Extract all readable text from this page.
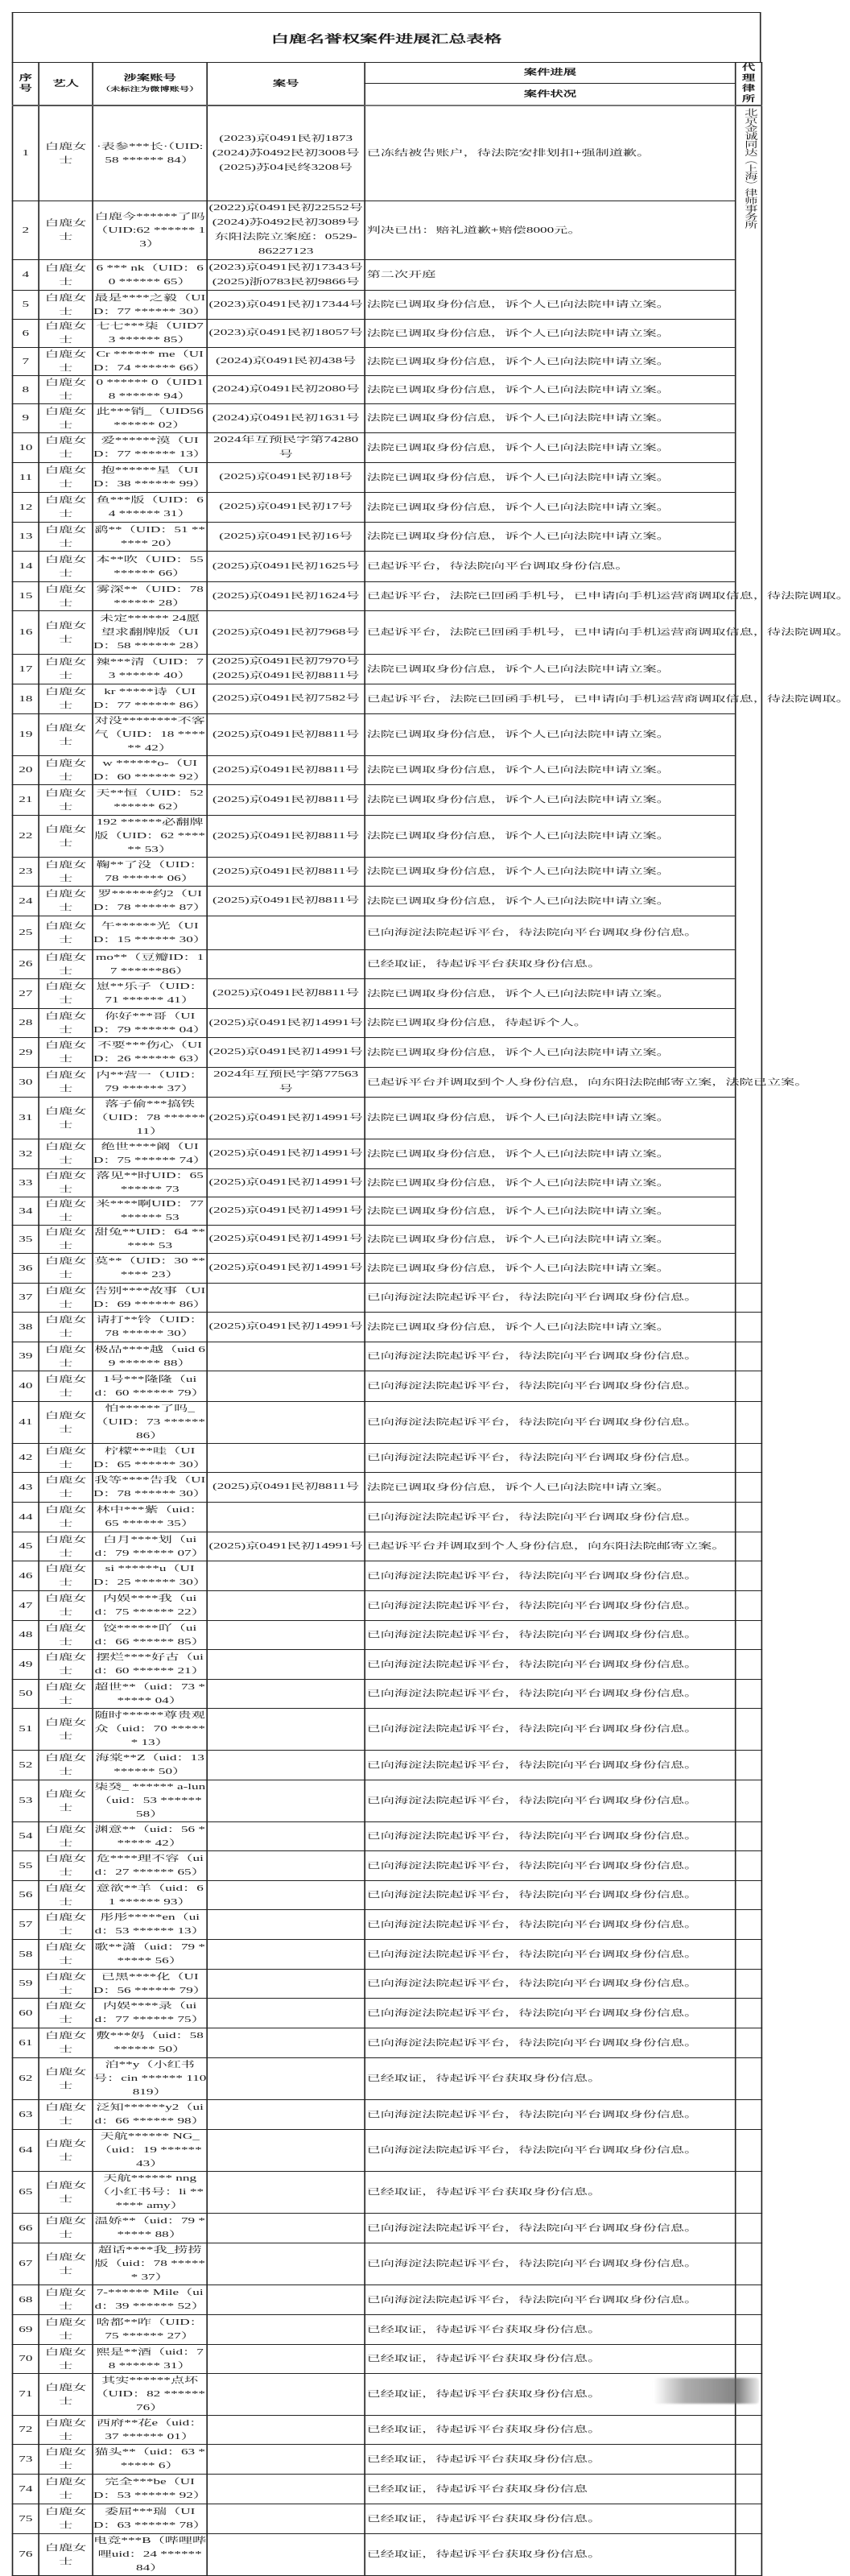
白鹿名誉权案件进展汇总表格
序号	艺人	涉案账号
（未标注为微博账号）	案号	案件进展	代理律所
				案件状况	
1	白鹿女士	·表参***长·（UID:58 ****** 84）	(2023)京0491民初1873
(2024)苏0492民初3008号
(2025)苏04民终3208号	已冻结被告账户，待法院安排划扣+强制道歉。	北京金诚同达（上海）律师事务所
2	白鹿女士	白鹿今******了吗（UID:62 ****** 13）	(2022)京0491民初22552号
(2024)苏0492民初3089号
东阳法院立案庭：0529-86227123	判决已出：赔礼道歉+赔偿8000元。	
4	白鹿女士	6 *** nk（UID：60 ****** 65）	(2023)京0491民初17343号
(2025)浙0783民初9866号	第二次开庭	
5	白鹿女士	最是****之毅（UID：77 ****** 30）	(2023)京0491民初17344号	法院已调取身份信息，诉个人已向法院申请立案。	
6	白鹿女士	七七***柒（UID73 ****** 85）	(2023)京0491民初18057号	法院已调取身份信息，诉个人已向法院申请立案。	
7	白鹿女士	Cr ****** me（UID：74 ****** 66）	(2024)京0491民初438号	法院已调取身份信息，诉个人已向法院申请立案。	
8	白鹿女士	0 ****** 0（UID18 ****** 94）	(2024)京0491民初2080号	法院已调取身份信息，诉个人已向法院申请立案。	
9	白鹿女士	此***销_（UID56 ****** 02）	(2024)京0491民初1631号	法院已调取身份信息，诉个人已向法院申请立案。	
10	白鹿女士	爱******漠（UID：77 ****** 13）	2024年互预民字第74280号	法院已调取身份信息，诉个人已向法院申请立案。	
11	白鹿女士	抱******星（UID：38 ****** 99）	(2025)京0491民初18号	法院已调取身份信息，诉个人已向法院申请立案。	
12	白鹿女士	鱼***版（UID：64 ****** 31）	(2025)京0491民初17号	法院已调取身份信息，诉个人已向法院申请立案。	
13	白鹿女士	鹞**（UID：51 ****** 20）	(2025)京0491民初16号	法院已调取身份信息，诉个人已向法院申请立案。	
14	白鹿女士	本**吹（UID：55 ****** 66）	(2025)京0491民初1625号	已起诉平台，待法院向平台调取身份信息。	
15	白鹿女士	雾深**（UID：78 ****** 28）	(2025)京0491民初1624号	已起诉平台，法院已回函手机号，已申请向手机运营商调取信息，待法院调取。	
16	白鹿女士	未定****** 24愿望求翻牌版（UID：58 ****** 28）	(2025)京0491民初7968号	已起诉平台，法院已回函手机号，已申请向手机运营商调取信息，待法院调取。	
17	白鹿女士	辣***清（UID：73 ****** 40）	(2025)京0491民初7970号
(2025)京0491民初8811号	法院已调取身份信息，诉个人已向法院申请立案。	
18	白鹿女士	kr *****诗（UID：77 ****** 86）	(2025)京0491民初7582号	已起诉平台，法院已回函手机号，已申请向手机运营商调取信息，待法院调取。	
19	白鹿女士	对没********不客气（UID：18 ****** 42）	(2025)京0491民初8811号	法院已调取身份信息，诉个人已向法院申请立案。	
20	白鹿女士	w ******o-（UID：60 ****** 92）	(2025)京0491民初8811号	法院已调取身份信息，诉个人已向法院申请立案。	
21	白鹿女士	天**恒（UID：52 ****** 62）	(2025)京0491民初8811号	法院已调取身份信息，诉个人已向法院申请立案。	
22	白鹿女士	192 ******必翻牌版（UID：62 ****** 53）	(2025)京0491民初8811号	法院已调取身份信息，诉个人已向法院申请立案。	
23	白鹿女士	鞠**了没（UID：78 ****** 06）	(2025)京0491民初8811号	法院已调取身份信息，诉个人已向法院申请立案。	
24	白鹿女士	罗******约2（UID：78 ****** 87）	(2025)京0491民初8811号	法院已调取身份信息，诉个人已向法院申请立案。	
25	白鹿女士	午******光（UID：15 ****** 30）		已向海淀法院起诉平台，待法院向平台调取身份信息。	
26	白鹿女士	mo**（豆瓣ID：17 ******86）		已经取证，待起诉平台获取身份信息。	
27	白鹿女士	崽**乐子（UID：71 ****** 41）	(2025)京0491民初8811号	法院已调取身份信息，诉个人已向法院申请立案。	
28	白鹿女士	你好***哥（UID：79 ****** 04）	(2025)京0491民初14991号	法院已调取身份信息，待起诉个人。	
29	白鹿女士	不要***伤心（UID：26 ****** 63）	(2025)京0491民初14991号	法院已调取身份信息，诉个人已向法院申请立案。	
30	白鹿女士	内**营一（UID：79 ****** 37）	2024年互预民字第77563号	已起诉平台并调取到个人身份信息，向东阳法院邮寄立案，法院已立案。	
31	白鹿女士	落子偷***搞铁（UID：78 ****** 11）	(2025)京0491民初14991号	法院已调取身份信息，诉个人已向法院申请立案。	
32	白鹿女士	绝世****阚（UID：75 ****** 74）	(2025)京0491民初14991号	法院已调取身份信息，诉个人已向法院申请立案。	
33	白鹿女士	落见**时UID：65 ****** 73	(2025)京0491民初14991号	法院已调取身份信息，诉个人已向法院申请立案。	
34	白鹿女士	米****啊UID：77 ****** 53	(2025)京0491民初14991号	法院已调取身份信息，诉个人已向法院申请立案。	
35	白鹿女士	甜兔**UID：64 ****** 53	(2025)京0491民初14991号	法院已调取身份信息，诉个人已向法院申请立案。	
36	白鹿女士	莫**（UID：30 ****** 23）	(2025)京0491民初14991号	法院已调取身份信息，诉个人已向法院申请立案。	
37	白鹿女士	告别****故事（UID：69 ****** 86）		已向海淀法院起诉平台，待法院向平台调取身份信息。	
38	白鹿女士	请打**铃（UID：78 ****** 30）	(2025)京0491民初14991号	法院已调取身份信息，诉个人已向法院申请立案。	
39	白鹿女士	极品****越（uid 69 ****** 88）		已向海淀法院起诉平台，待法院向平台调取身份信息。	
40	白鹿女士	1号***隆隆（uid：60 ****** 79）		已向海淀法院起诉平台，待法院向平台调取身份信息。	
41	白鹿女士	怕******了吗_（UID：73 ****** 86）		已向海淀法院起诉平台，待法院向平台调取身份信息。	
42	白鹿女士	柠檬***哇（UID：65 ****** 30）		已向海淀法院起诉平台，待法院向平台调取身份信息。	
43	白鹿女士	我等****告我（UID：78 ****** 30）	(2025)京0491民初8811号	法院已调取身份信息，诉个人已向法院申请立案。	
44	白鹿女士	林中***紫（uid：65 ****** 35）		已向海淀法院起诉平台，待法院向平台调取身份信息。	
45	白鹿女士	白月****划（uid：79 ****** 07）	(2025)京0491民初14991号	已起诉平台并调取到个人身份信息，向东阳法院邮寄立案。	
46	白鹿女士	si ******u（UID：25 ****** 30）		已向海淀法院起诉平台，待法院向平台调取身份信息。	
47	白鹿女士	内娱****我（uid：75 ****** 22）		已向海淀法院起诉平台，待法院向平台调取身份信息。	
48	白鹿女士	饺******吖（uid：66 ****** 85）		已向海淀法院起诉平台，待法院向平台调取身份信息。	
49	白鹿女士	摆烂****好古（uid：60 ****** 21）		已向海淀法院起诉平台，待法院向平台调取身份信息。	
50	白鹿女士	超世**（uid：73 ****** 04）		已向海淀法院起诉平台，待法院向平台调取身份信息。	
51	白鹿女士	随时******尊贵观众（uid：70 ****** 13）		已向海淀法院起诉平台，待法院向平台调取身份信息。	
52	白鹿女士	海棠**Z（uid：13 ****** 50）		已向海淀法院起诉平台，待法院向平台调取身份信息。	
53	白鹿女士	柒癸_ ****** a-lun（uid：53 ****** 58）		已向海淀法院起诉平台，待法院向平台调取身份信息。	
54	白鹿女士	渊意**（uid：56 ****** 42）		已向海淀法院起诉平台，待法院向平台调取身份信息。	
55	白鹿女士	危****理不容（uid：27 ****** 65）		已向海淀法院起诉平台，待法院向平台调取身份信息。	
56	白鹿女士	意欲**羊（uid：61 ****** 93）		已向海淀法院起诉平台，待法院向平台调取身份信息。	
57	白鹿女士	彤彤*****en（uid：53 ****** 13）		已向海淀法院起诉平台，待法院向平台调取身份信息。	
58	白鹿女士	歌**潇（uid：79 ****** 56）		已向海淀法院起诉平台，待法院向平台调取身份信息。	
59	白鹿女士	已黑****化（UID：56 ****** 79）		已向海淀法院起诉平台，待法院向平台调取身份信息。	
60	白鹿女士	内娱****录（uid：77 ****** 75）		已向海淀法院起诉平台，待法院向平台调取身份信息。	
61	白鹿女士	敷***妈（uid：58 ****** 50）		已向海淀法院起诉平台，待法院向平台调取身份信息。	
62	白鹿女士	泊**y（小红书号：cin ****** 110819）		已经取证，待起诉平台获取身份信息。	
63	白鹿女士	泛知******y2（uid：66 ****** 98）		已向海淀法院起诉平台，待法院向平台调取身份信息。	
64	白鹿女士	天航****** NG_（uid：19 ****** 43）		已向海淀法院起诉平台，待法院向平台调取身份信息。	
65	白鹿女士	天航****** nng（小红书号：li ****** amy）		已经取证，待起诉平台获取身份信息。	
66	白鹿女士	温娇**（uid：79 ****** 88）		已向海淀法院起诉平台，待法院向平台调取身份信息。	
67	白鹿女士	超话****我_捞捞版（uid：78 ****** 37）		已向海淀法院起诉平台，待法院向平台调取身份信息。	
68	白鹿女士	7-****** Mile（uid：39 ****** 52）		已向海淀法院起诉平台，待法院向平台调取身份信息。	
69	白鹿女士	啥都**咋（UID：75 ****** 27）		已经取证，待起诉平台获取身份信息。	
70	白鹿女士	熙是**酒（uid：78 ****** 31）		已经取证，待起诉平台获取身份信息。	
71	白鹿女士	其实******点坏（UID：82 ****** 76）		已经取证，待起诉平台获取身份信息。	
72	白鹿女士	西府**花e（uid：37 ****** 01）		已经取证，待起诉平台获取身份信息。	
73	白鹿女士	猫头**（uid：63 ****** 6）		已经取证，待起诉平台获取身份信息。	
74	白鹿女士	完全***be（UID：53 ****** 92）		已经取证，待起诉平台获取身份信息	
75	白鹿女士	委屈***瑞（UID：63 ****** 78）		已经取证，待起诉平台获取身份信息。	
76	白鹿女士	电竞***B（哔哩哔哩uid：24 ****** 84）		已经取证，待起诉平台获取身份信息。	
